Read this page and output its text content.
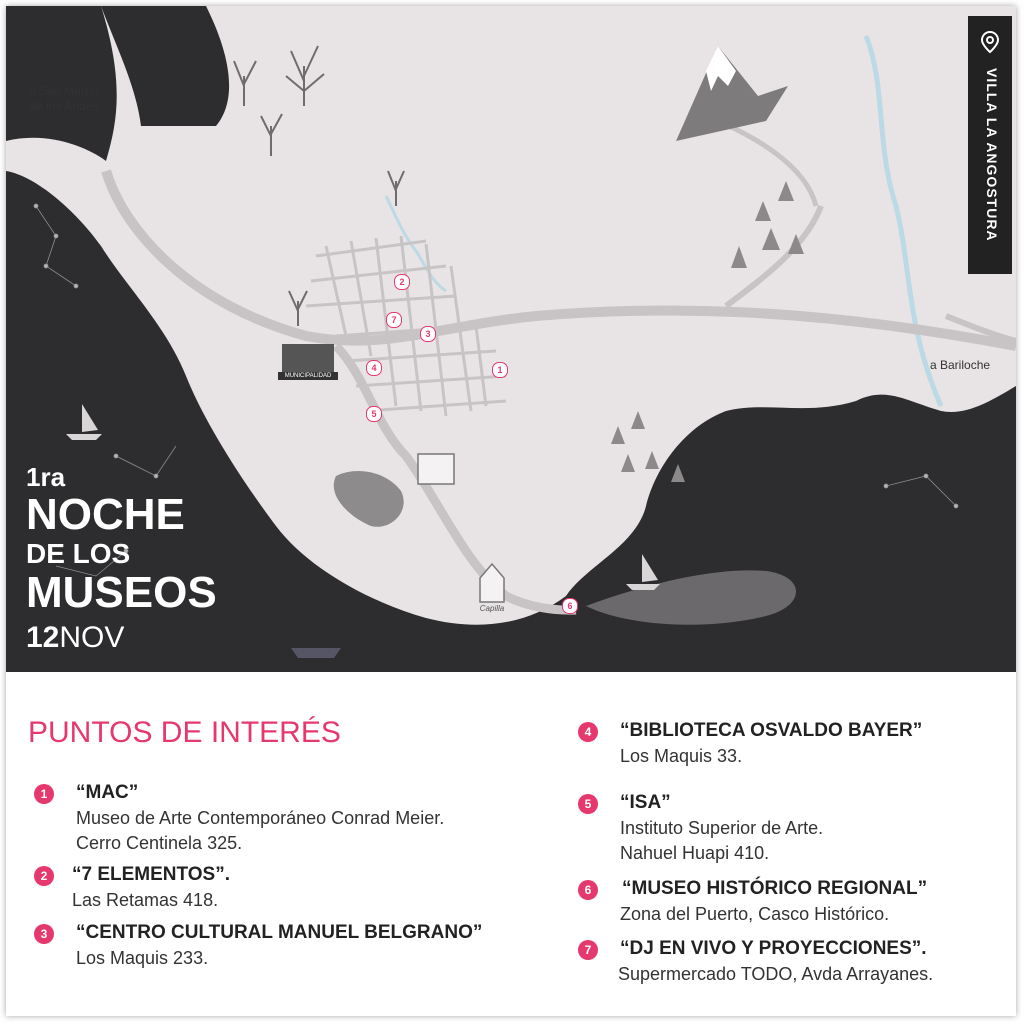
2
7
3
4	1
5
6
MUNICIPALIDAD
Capilla
a San Martín
de los Andes
a Bariloche
VILLA LA ANGOSTURA
1ra
NOCHE
DE LOS
MUSEOS
12NOV
PUNTOS DE INTERÉS
1	“MAC”
Museo de Arte Contemporáneo Conrad Meier.
Cerro Centinela 325.
2	“7 ELEMENTOS”.
Las Retamas 418.
3	“CENTRO CULTURAL MANUEL BELGRANO”
Los Maquis 233.
4	“BIBLIOTECA OSVALDO BAYER”
Los Maquis 33.
5	“ISA”
Instituto Superior de Arte.
Nahuel Huapi 410.
6	“MUSEO HISTÓRICO REGIONAL”
Zona del Puerto, Casco Histórico.
7	“DJ EN VIVO Y PROYECCIONES”.
Supermercado TODO, Avda Arrayanes.
